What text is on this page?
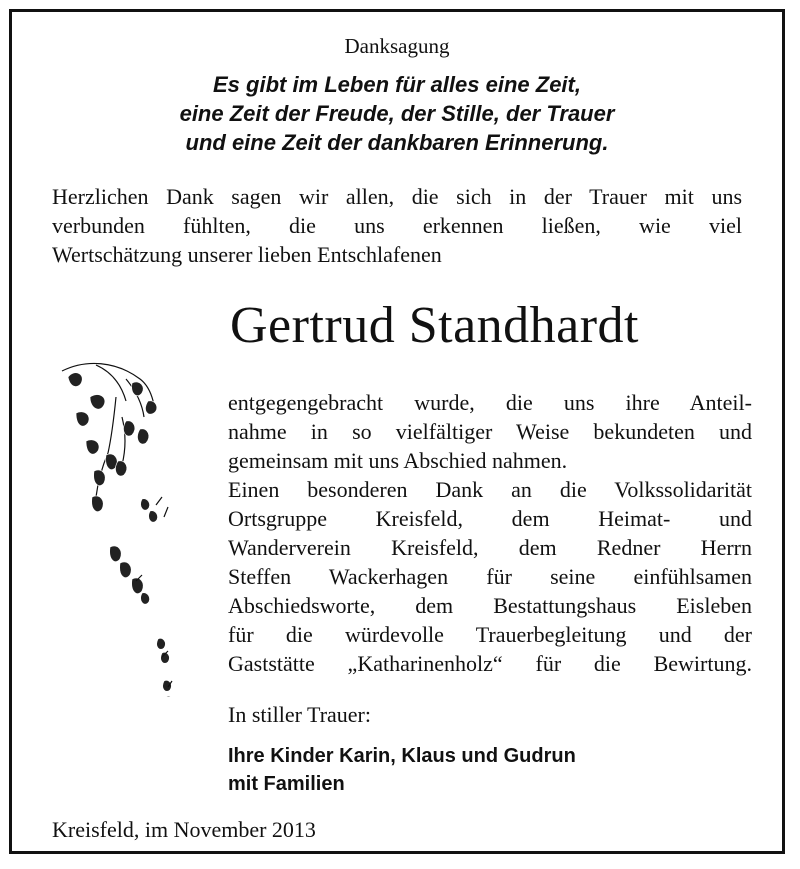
Danksagung
Es gibt im Leben für alles eine Zeit,
eine Zeit der Freude, der Stille, der Trauer
und eine Zeit der dankbaren Erinnerung.
Herzlichen Dank sagen wir allen, die sich in der Trauer mit uns
verbunden fühlten, die uns erkennen ließen, wie viel
Wertschätzung unserer lieben Entschlafenen
Gertrud Standhardt
entgegengebracht wurde, die uns ihre Anteil-
nahme in so vielfältiger Weise bekundeten und
gemeinsam mit uns Abschied nahmen.
Einen besonderen Dank an die Volkssolidarität
Ortsgruppe Kreisfeld, dem Heimat- und
Wanderverein Kreisfeld, dem Redner Herrn
Steffen Wackerhagen für seine einfühlsamen
Abschiedsworte, dem Bestattungshaus Eisleben
für die würdevolle Trauerbegleitung und der
Gaststätte „Katharinenholz“ für die Bewirtung.
In stiller Trauer:
Ihre Kinder Karin, Klaus und Gudrun
mit Familien
Kreisfeld, im November 2013
